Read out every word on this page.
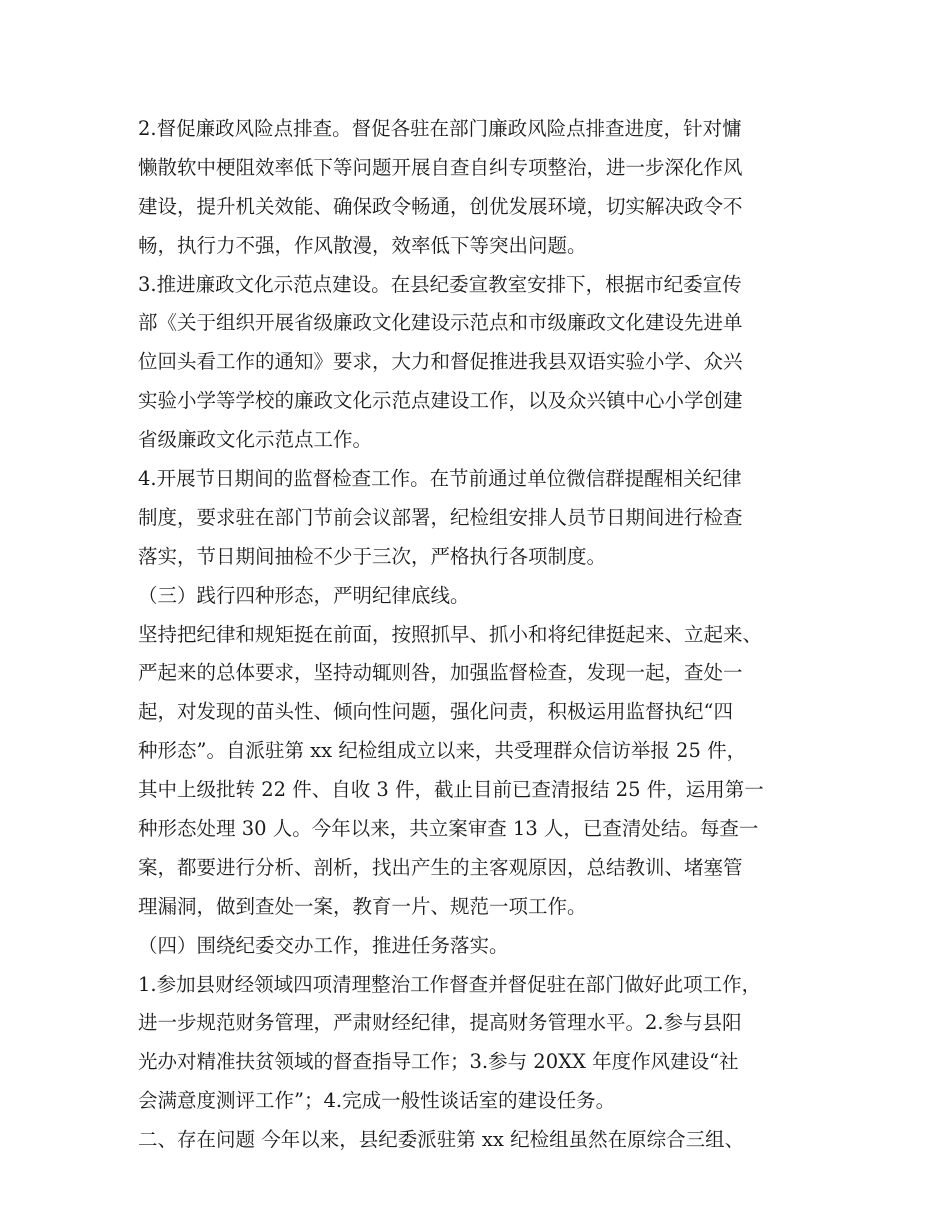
2.督促廉政风险点排查。督促各驻在部门廉政风险点排查进度，针对慵
懒散软中梗阻效率低下等问题开展自查自纠专项整治，进一步深化作风
建设，提升机关效能、确保政令畅通，创优发展环境，切实解决政令不
畅，执行力不强，作风散漫，效率低下等突出问题。
3.推进廉政文化示范点建设。在县纪委宣教室安排下，根据市纪委宣传
部《关于组织开展省级廉政文化建设示范点和市级廉政文化建设先进单
位回头看工作的通知》要求，大力和督促推进我县双语实验小学、众兴
实验小学等学校的廉政文化示范点建设工作，以及众兴镇中心小学创建
省级廉政文化示范点工作。
4.开展节日期间的监督检查工作。在节前通过单位微信群提醒相关纪律
制度，要求驻在部门节前会议部署，纪检组安排人员节日期间进行检查
落实，节日期间抽检不少于三次，严格执行各项制度。
（三）践行四种形态，严明纪律底线。
坚持把纪律和规矩挺在前面，按照抓早、抓小和将纪律挺起来、立起来、
严起来的总体要求，坚持动辄则咎，加强监督检查，发现一起，查处一
起，对发现的苗头性、倾向性问题，强化问责，积极运用监督执纪“四
种形态”。自派驻第 xx 纪检组成立以来，共受理群众信访举报 25 件，
其中上级批转 22 件、自收 3 件，截止目前已查清报结 25 件，运用第一
种形态处理 30 人。今年以来，共立案审查 13 人，已查清处结。每查一
案，都要进行分析、剖析，找出产生的主客观原因，总结教训、堵塞管
理漏洞，做到查处一案，教育一片、规范一项工作。
（四）围绕纪委交办工作，推进任务落实。
1.参加县财经领域四项清理整治工作督查并督促驻在部门做好此项工作，
进一步规范财务管理，严肃财经纪律，提高财务管理水平。2.参与县阳
光办对精准扶贫领域的督查指导工作；3.参与 20XX 年度作风建设“社
会满意度测评工作”；4.完成一般性谈话室的建设任务。
二、存在问题 今年以来，县纪委派驻第 xx 纪检组虽然在原综合三组、
